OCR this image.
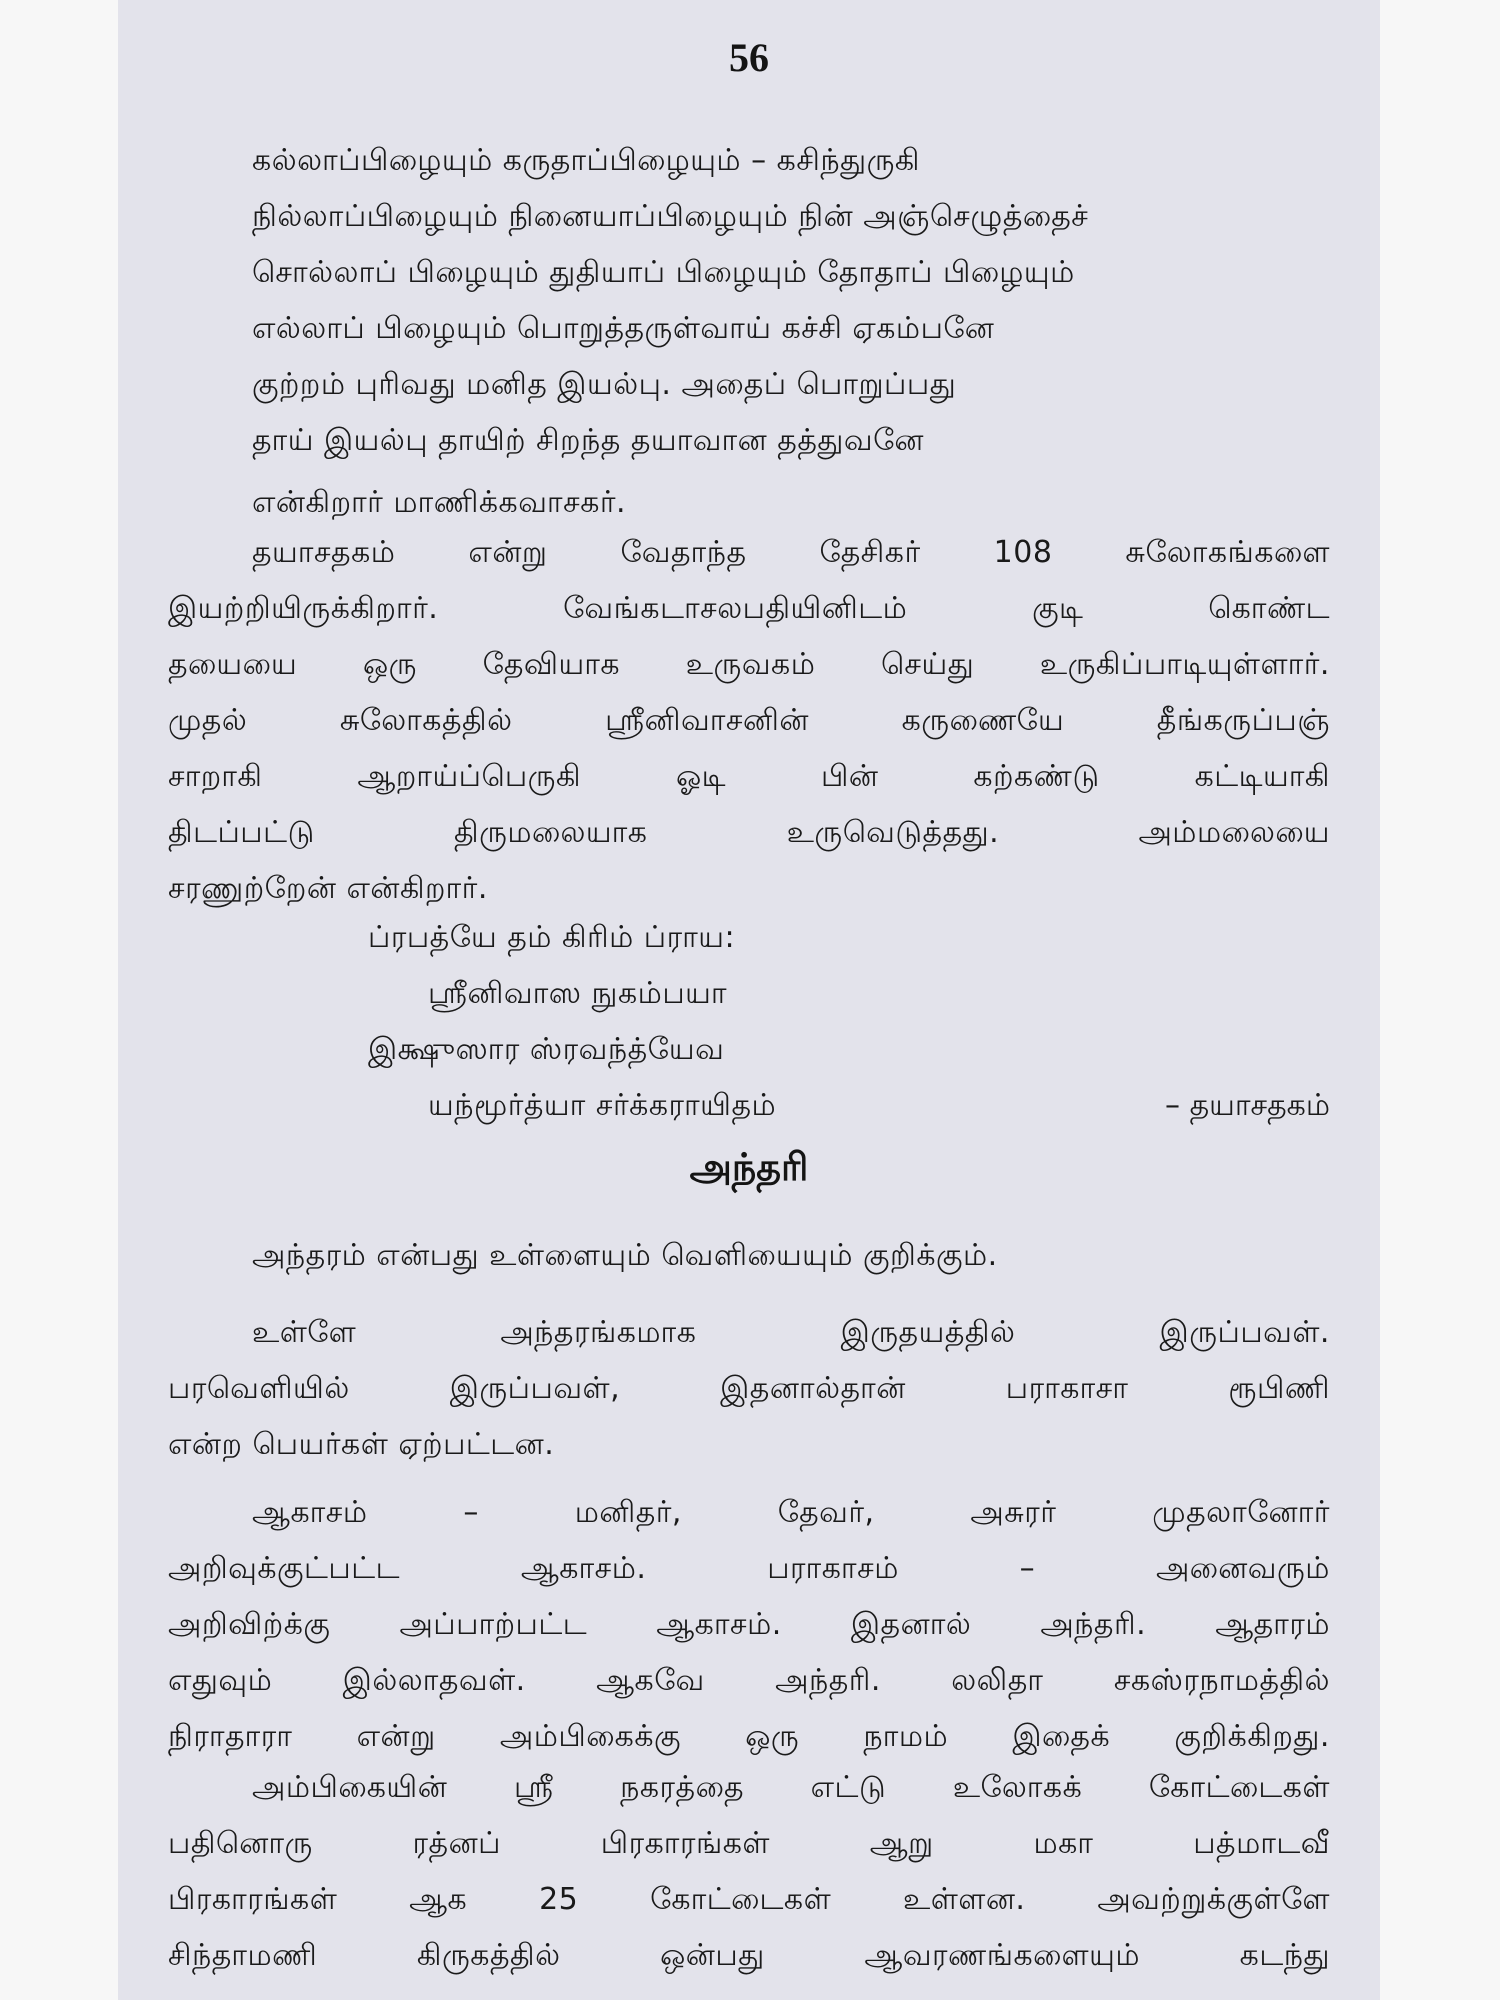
56
கல்லாப்பிழையும் கருதாப்பிழையும் – கசிந்துருகி
நில்லாப்பிழையும் நினையாப்பிழையும் நின் அஞ்செழுத்தைச்
சொல்லாப் பிழையும் துதியாப் பிழையும் தோதாப் பிழையும்
எல்லாப் பிழையும் பொறுத்தருள்வாய் கச்சி ஏகம்பனே
குற்றம் புரிவது மனித இயல்பு. அதைப் பொறுப்பது
தாய் இயல்பு தாயிற் சிறந்த தயாவான தத்துவனே
என்கிறார் மாணிக்கவாசகர்.
தயாசதகம் என்று வேதாந்த தேசிகர் 108 சுலோகங்களை
இயற்றியிருக்கிறார்.	வேங்கடாசலபதியினிடம்	குடி	கொண்ட
தயையை ஒரு தேவியாக உருவகம் செய்து உருகிப்பாடியுள்ளார்.
முதல்	சுலோகத்தில்	ஸ்ரீனிவாசனின்	கருணையே	தீங்கருப்பஞ்
சாறாகி	ஆறாய்ப்பெருகி	ஓடி	பின்	கற்கண்டு	கட்டியாகி
திடப்பட்டு	திருமலையாக	உருவெடுத்தது.	அம்மலையை
சரணுற்றேன் என்கிறார்.
ப்ரபத்யே தம் கிரிம் ப்ராய:
ஸ்ரீனிவாஸ நுகம்பயா
இக்ஷுஸார ஸ்ரவந்த்யேவ
யந்மூர்த்யா சர்க்கராயிதம்	– தயாசதகம்
அந்தரி
அந்தரம் என்பது உள்ளையும் வெளியையும் குறிக்கும்.
உள்ளே	அந்தரங்கமாக	இருதயத்தில்	இருப்பவள்.
பரவெளியில்	இருப்பவள்,	இதனால்தான்	பராகாசா	ரூபிணி
என்ற பெயர்கள் ஏற்பட்டன.
ஆகாசம்	–	மனிதர்,	தேவர்,	அசுரர்	முதலானோர்
அறிவுக்குட்பட்ட	ஆகாசம்.	பராகாசம்	–	அனைவரும்
அறிவிற்க்கு அப்பாற்பட்ட ஆகாசம். இதனால் அந்தரி. ஆதாரம்
எதுவும் இல்லாதவள். ஆகவே அந்தரி. லலிதா சகஸ்ரநாமத்தில்
நிராதாரா என்று அம்பிகைக்கு ஒரு நாமம் இதைக் குறிக்கிறது.
அம்பிகையின் ஸ்ரீ நகரத்தை எட்டு உலோகக் கோட்டைகள்
பதினொரு	ரத்னப்	பிரகாரங்கள்	ஆறு	மகா	பத்மாடவீ
பிரகாரங்கள் ஆக 25 கோட்டைகள் உள்ளன. அவற்றுக்குள்ளே
சிந்தாமணி	கிருகத்தில்	ஒன்பது	ஆவரணங்களையும்	கடந்து
